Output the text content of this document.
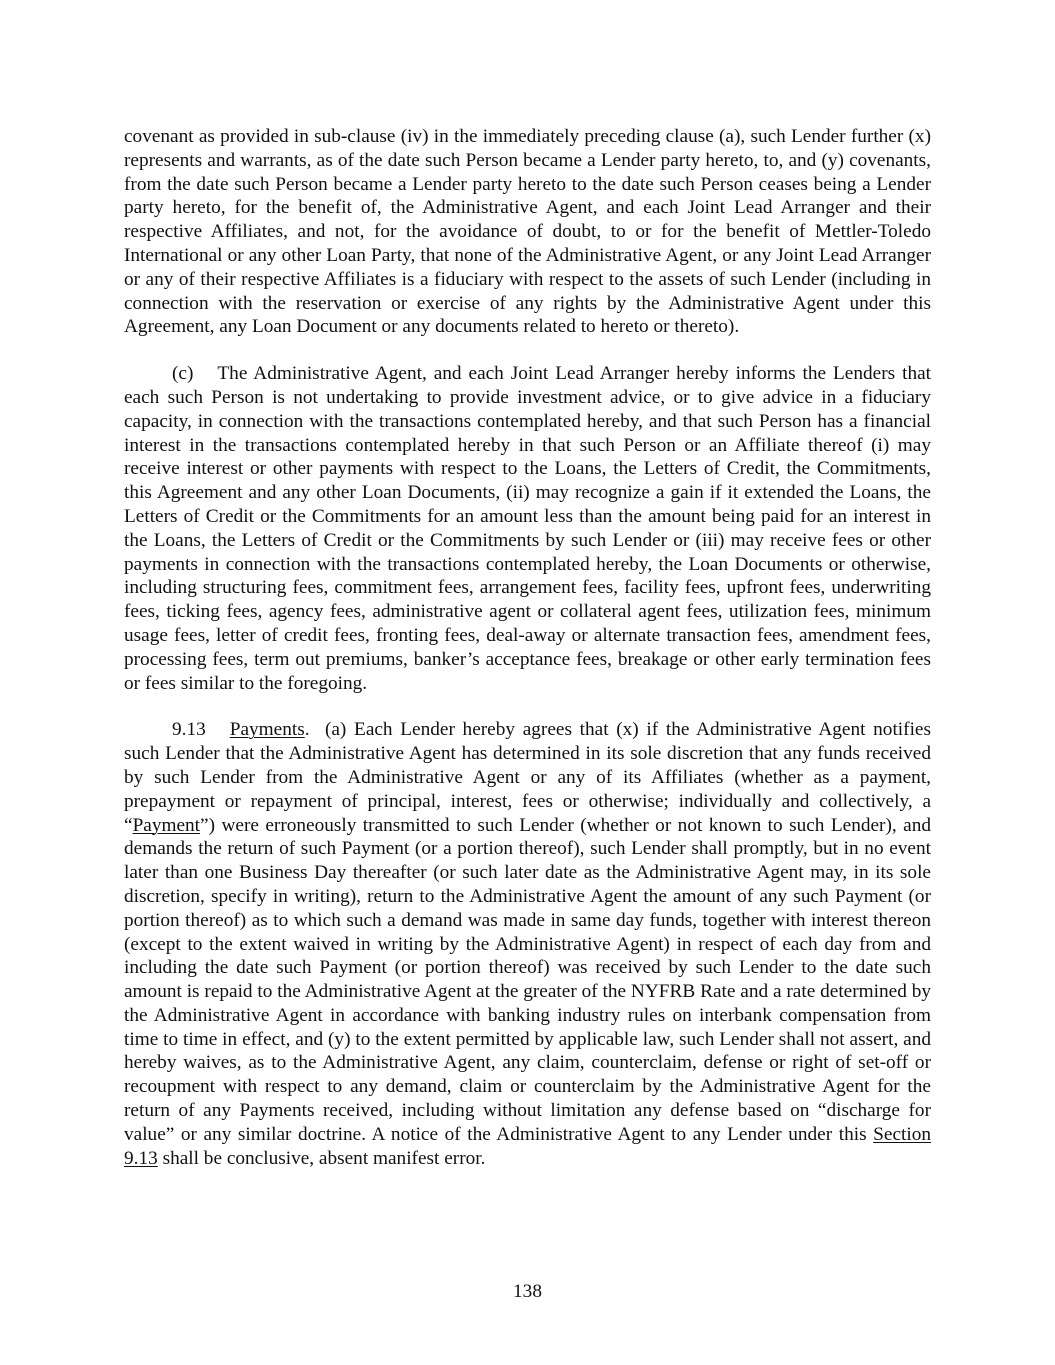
covenant as provided in sub-clause (iv) in the immediately preceding clause (a), such Lender further (x) represents and warrants, as of the date such Person became a Lender party hereto, to, and (y) covenants, from the date such Person became a Lender party hereto to the date such Person ceases being a Lender party hereto, for the benefit of, the Administrative Agent, and each Joint Lead Arranger and their respective Affiliates, and not, for the avoidance of doubt, to or for the benefit of Mettler-Toledo International or any other Loan Party, that none of the Administrative Agent, or any Joint Lead Arranger or any of their respective Affiliates is a fiduciary with respect to the assets of such Lender (including in connection with the reservation or exercise of any rights by the Administrative Agent under this Agreement, any Loan Document or any documents related to hereto or thereto).

(c) The Administrative Agent, and each Joint Lead Arranger hereby informs the Lenders that each such Person is not undertaking to provide investment advice, or to give advice in a fiduciary capacity, in connection with the transactions contemplated hereby, and that such Person has a financial interest in the transactions contemplated hereby in that such Person or an Affiliate thereof (i) may receive interest or other payments with respect to the Loans, the Letters of Credit, the Commitments, this Agreement and any other Loan Documents, (ii) may recognize a gain if it extended the Loans, the Letters of Credit or the Commitments for an amount less than the amount being paid for an interest in the Loans, the Letters of Credit or the Commitments by such Lender or (iii) may receive fees or other payments in connection with the transactions contemplated hereby, the Loan Documents or otherwise, including structuring fees, commitment fees, arrangement fees, facility fees, upfront fees, underwriting fees, ticking fees, agency fees, administrative agent or collateral agent fees, utilization fees, minimum usage fees, letter of credit fees, fronting fees, deal-away or alternate transaction fees, amendment fees, processing fees, term out premiums, banker’s acceptance fees, breakage or other early termination fees or fees similar to the foregoing.

9.13 Payments. (a) Each Lender hereby agrees that (x) if the Administrative Agent notifies such Lender that the Administrative Agent has determined in its sole discretion that any funds received by such Lender from the Administrative Agent or any of its Affiliates (whether as a payment, prepayment or repayment of principal, interest, fees or otherwise; individually and collectively, a “Payment”) were erroneously transmitted to such Lender (whether or not known to such Lender), and demands the return of such Payment (or a portion thereof), such Lender shall promptly, but in no event later than one Business Day thereafter (or such later date as the Administrative Agent may, in its sole discretion, specify in writing), return to the Administrative Agent the amount of any such Payment (or portion thereof) as to which such a demand was made in same day funds, together with interest thereon (except to the extent waived in writing by the Administrative Agent) in respect of each day from and including the date such Payment (or portion thereof) was received by such Lender to the date such amount is repaid to the Administrative Agent at the greater of the NYFRB Rate and a rate determined by the Administrative Agent in accordance with banking industry rules on interbank compensation from time to time in effect, and (y) to the extent permitted by applicable law, such Lender shall not assert, and hereby waives, as to the Administrative Agent, any claim, counterclaim, defense or right of set-off or recoupment with respect to any demand, claim or counterclaim by the Administrative Agent for the return of any Payments received, including without limitation any defense based on “discharge for value” or any similar doctrine. A notice of the Administrative Agent to any Lender under this Section 9.13 shall be conclusive, absent manifest error.

138
